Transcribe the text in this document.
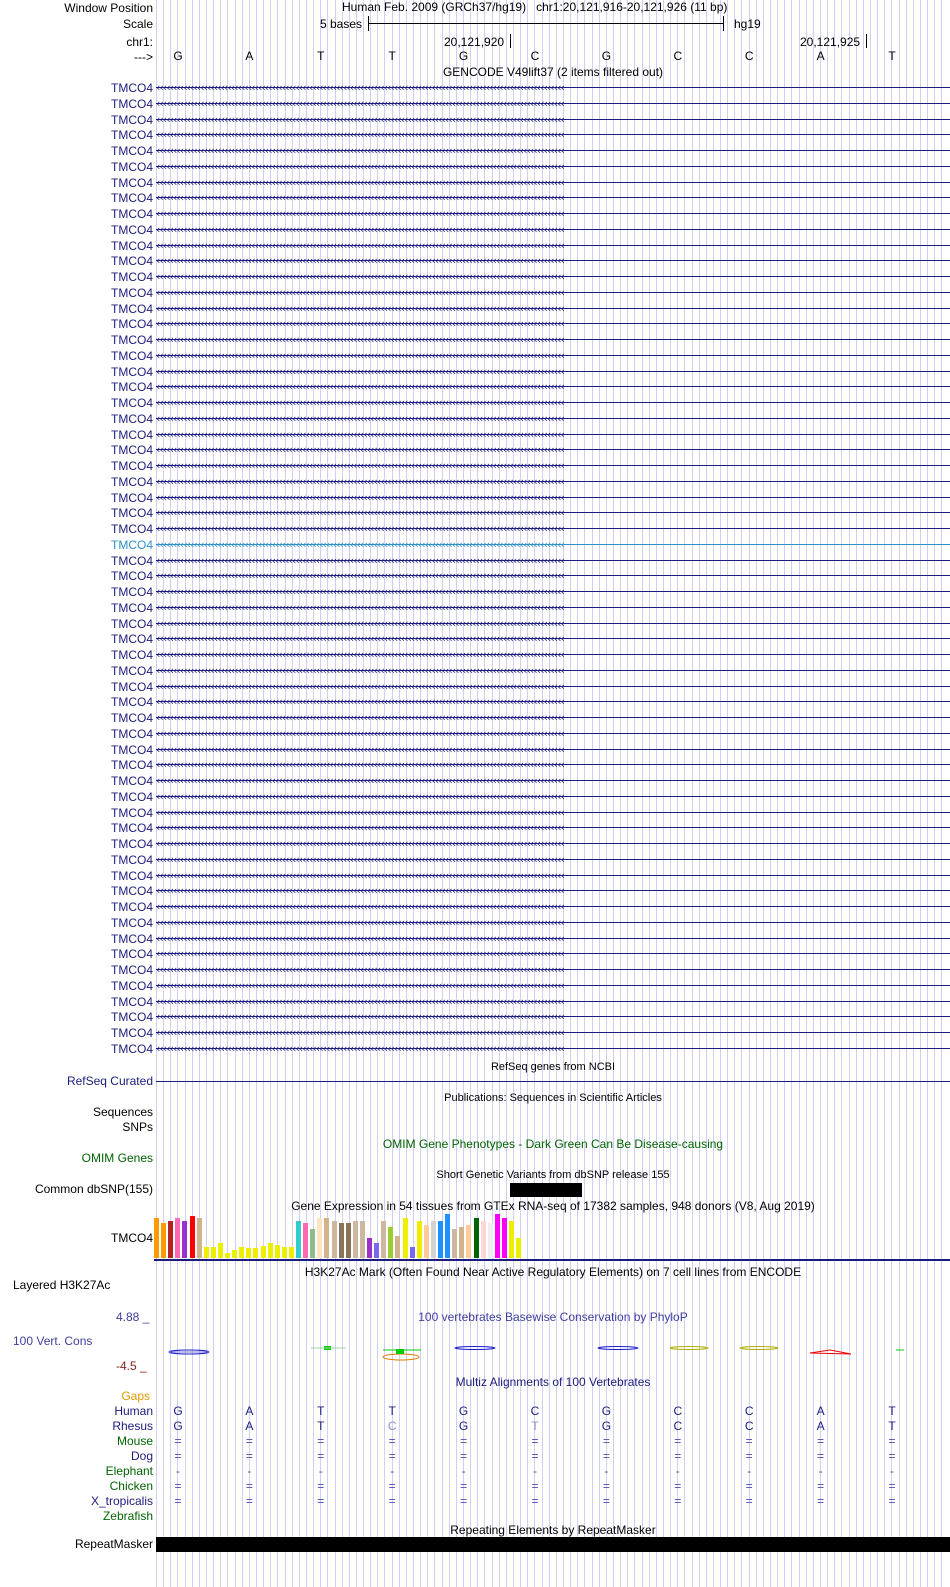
Window Position
Scale
chr1:
--->
Human Feb. 2009 (GRCh37/hg19) chr1:20,121,916-20,121,926 (11 bp)
5 bases	hg19
20,121,920	20,121,925
G	A	T	T	G	C	G	C	C	A	T
GENCODE V49lift37 (2 items filtered out)
TMCO4 ‹‹‹‹‹‹‹‹‹‹‹‹‹‹‹‹‹‹‹‹‹‹‹‹‹‹‹‹‹‹‹‹‹‹‹‹‹‹‹‹‹‹‹‹‹‹‹‹‹‹‹‹‹‹‹‹‹‹‹‹‹‹‹‹‹‹‹‹‹‹‹‹‹‹‹‹‹‹‹‹‹‹‹‹‹‹‹‹‹‹‹‹‹‹‹‹‹‹‹‹‹‹‹‹‹‹‹‹‹‹‹‹‹‹‹‹‹‹‹‹
TMCO4 ‹‹‹‹‹‹‹‹‹‹‹‹‹‹‹‹‹‹‹‹‹‹‹‹‹‹‹‹‹‹‹‹‹‹‹‹‹‹‹‹‹‹‹‹‹‹‹‹‹‹‹‹‹‹‹‹‹‹‹‹‹‹‹‹‹‹‹‹‹‹‹‹‹‹‹‹‹‹‹‹‹‹‹‹‹‹‹‹‹‹‹‹‹‹‹‹‹‹‹‹‹‹‹‹‹‹‹‹‹‹‹‹‹‹‹‹‹‹‹‹
TMCO4 ‹‹‹‹‹‹‹‹‹‹‹‹‹‹‹‹‹‹‹‹‹‹‹‹‹‹‹‹‹‹‹‹‹‹‹‹‹‹‹‹‹‹‹‹‹‹‹‹‹‹‹‹‹‹‹‹‹‹‹‹‹‹‹‹‹‹‹‹‹‹‹‹‹‹‹‹‹‹‹‹‹‹‹‹‹‹‹‹‹‹‹‹‹‹‹‹‹‹‹‹‹‹‹‹‹‹‹‹‹‹‹‹‹‹‹‹‹‹‹‹
TMCO4 ‹‹‹‹‹‹‹‹‹‹‹‹‹‹‹‹‹‹‹‹‹‹‹‹‹‹‹‹‹‹‹‹‹‹‹‹‹‹‹‹‹‹‹‹‹‹‹‹‹‹‹‹‹‹‹‹‹‹‹‹‹‹‹‹‹‹‹‹‹‹‹‹‹‹‹‹‹‹‹‹‹‹‹‹‹‹‹‹‹‹‹‹‹‹‹‹‹‹‹‹‹‹‹‹‹‹‹‹‹‹‹‹‹‹‹‹‹‹‹‹
TMCO4 ‹‹‹‹‹‹‹‹‹‹‹‹‹‹‹‹‹‹‹‹‹‹‹‹‹‹‹‹‹‹‹‹‹‹‹‹‹‹‹‹‹‹‹‹‹‹‹‹‹‹‹‹‹‹‹‹‹‹‹‹‹‹‹‹‹‹‹‹‹‹‹‹‹‹‹‹‹‹‹‹‹‹‹‹‹‹‹‹‹‹‹‹‹‹‹‹‹‹‹‹‹‹‹‹‹‹‹‹‹‹‹‹‹‹‹‹‹‹‹‹
TMCO4 ‹‹‹‹‹‹‹‹‹‹‹‹‹‹‹‹‹‹‹‹‹‹‹‹‹‹‹‹‹‹‹‹‹‹‹‹‹‹‹‹‹‹‹‹‹‹‹‹‹‹‹‹‹‹‹‹‹‹‹‹‹‹‹‹‹‹‹‹‹‹‹‹‹‹‹‹‹‹‹‹‹‹‹‹‹‹‹‹‹‹‹‹‹‹‹‹‹‹‹‹‹‹‹‹‹‹‹‹‹‹‹‹‹‹‹‹‹‹‹‹
TMCO4 ‹‹‹‹‹‹‹‹‹‹‹‹‹‹‹‹‹‹‹‹‹‹‹‹‹‹‹‹‹‹‹‹‹‹‹‹‹‹‹‹‹‹‹‹‹‹‹‹‹‹‹‹‹‹‹‹‹‹‹‹‹‹‹‹‹‹‹‹‹‹‹‹‹‹‹‹‹‹‹‹‹‹‹‹‹‹‹‹‹‹‹‹‹‹‹‹‹‹‹‹‹‹‹‹‹‹‹‹‹‹‹‹‹‹‹‹‹‹‹‹
TMCO4 ‹‹‹‹‹‹‹‹‹‹‹‹‹‹‹‹‹‹‹‹‹‹‹‹‹‹‹‹‹‹‹‹‹‹‹‹‹‹‹‹‹‹‹‹‹‹‹‹‹‹‹‹‹‹‹‹‹‹‹‹‹‹‹‹‹‹‹‹‹‹‹‹‹‹‹‹‹‹‹‹‹‹‹‹‹‹‹‹‹‹‹‹‹‹‹‹‹‹‹‹‹‹‹‹‹‹‹‹‹‹‹‹‹‹‹‹‹‹‹‹
TMCO4 ‹‹‹‹‹‹‹‹‹‹‹‹‹‹‹‹‹‹‹‹‹‹‹‹‹‹‹‹‹‹‹‹‹‹‹‹‹‹‹‹‹‹‹‹‹‹‹‹‹‹‹‹‹‹‹‹‹‹‹‹‹‹‹‹‹‹‹‹‹‹‹‹‹‹‹‹‹‹‹‹‹‹‹‹‹‹‹‹‹‹‹‹‹‹‹‹‹‹‹‹‹‹‹‹‹‹‹‹‹‹‹‹‹‹‹‹‹‹‹‹
TMCO4 ‹‹‹‹‹‹‹‹‹‹‹‹‹‹‹‹‹‹‹‹‹‹‹‹‹‹‹‹‹‹‹‹‹‹‹‹‹‹‹‹‹‹‹‹‹‹‹‹‹‹‹‹‹‹‹‹‹‹‹‹‹‹‹‹‹‹‹‹‹‹‹‹‹‹‹‹‹‹‹‹‹‹‹‹‹‹‹‹‹‹‹‹‹‹‹‹‹‹‹‹‹‹‹‹‹‹‹‹‹‹‹‹‹‹‹‹‹‹‹‹
TMCO4 ‹‹‹‹‹‹‹‹‹‹‹‹‹‹‹‹‹‹‹‹‹‹‹‹‹‹‹‹‹‹‹‹‹‹‹‹‹‹‹‹‹‹‹‹‹‹‹‹‹‹‹‹‹‹‹‹‹‹‹‹‹‹‹‹‹‹‹‹‹‹‹‹‹‹‹‹‹‹‹‹‹‹‹‹‹‹‹‹‹‹‹‹‹‹‹‹‹‹‹‹‹‹‹‹‹‹‹‹‹‹‹‹‹‹‹‹‹‹‹‹
TMCO4 ‹‹‹‹‹‹‹‹‹‹‹‹‹‹‹‹‹‹‹‹‹‹‹‹‹‹‹‹‹‹‹‹‹‹‹‹‹‹‹‹‹‹‹‹‹‹‹‹‹‹‹‹‹‹‹‹‹‹‹‹‹‹‹‹‹‹‹‹‹‹‹‹‹‹‹‹‹‹‹‹‹‹‹‹‹‹‹‹‹‹‹‹‹‹‹‹‹‹‹‹‹‹‹‹‹‹‹‹‹‹‹‹‹‹‹‹‹‹‹‹
TMCO4 ‹‹‹‹‹‹‹‹‹‹‹‹‹‹‹‹‹‹‹‹‹‹‹‹‹‹‹‹‹‹‹‹‹‹‹‹‹‹‹‹‹‹‹‹‹‹‹‹‹‹‹‹‹‹‹‹‹‹‹‹‹‹‹‹‹‹‹‹‹‹‹‹‹‹‹‹‹‹‹‹‹‹‹‹‹‹‹‹‹‹‹‹‹‹‹‹‹‹‹‹‹‹‹‹‹‹‹‹‹‹‹‹‹‹‹‹‹‹‹‹
TMCO4 ‹‹‹‹‹‹‹‹‹‹‹‹‹‹‹‹‹‹‹‹‹‹‹‹‹‹‹‹‹‹‹‹‹‹‹‹‹‹‹‹‹‹‹‹‹‹‹‹‹‹‹‹‹‹‹‹‹‹‹‹‹‹‹‹‹‹‹‹‹‹‹‹‹‹‹‹‹‹‹‹‹‹‹‹‹‹‹‹‹‹‹‹‹‹‹‹‹‹‹‹‹‹‹‹‹‹‹‹‹‹‹‹‹‹‹‹‹‹‹‹
TMCO4 ‹‹‹‹‹‹‹‹‹‹‹‹‹‹‹‹‹‹‹‹‹‹‹‹‹‹‹‹‹‹‹‹‹‹‹‹‹‹‹‹‹‹‹‹‹‹‹‹‹‹‹‹‹‹‹‹‹‹‹‹‹‹‹‹‹‹‹‹‹‹‹‹‹‹‹‹‹‹‹‹‹‹‹‹‹‹‹‹‹‹‹‹‹‹‹‹‹‹‹‹‹‹‹‹‹‹‹‹‹‹‹‹‹‹‹‹‹‹‹‹
TMCO4 ‹‹‹‹‹‹‹‹‹‹‹‹‹‹‹‹‹‹‹‹‹‹‹‹‹‹‹‹‹‹‹‹‹‹‹‹‹‹‹‹‹‹‹‹‹‹‹‹‹‹‹‹‹‹‹‹‹‹‹‹‹‹‹‹‹‹‹‹‹‹‹‹‹‹‹‹‹‹‹‹‹‹‹‹‹‹‹‹‹‹‹‹‹‹‹‹‹‹‹‹‹‹‹‹‹‹‹‹‹‹‹‹‹‹‹‹‹‹‹‹
TMCO4 ‹‹‹‹‹‹‹‹‹‹‹‹‹‹‹‹‹‹‹‹‹‹‹‹‹‹‹‹‹‹‹‹‹‹‹‹‹‹‹‹‹‹‹‹‹‹‹‹‹‹‹‹‹‹‹‹‹‹‹‹‹‹‹‹‹‹‹‹‹‹‹‹‹‹‹‹‹‹‹‹‹‹‹‹‹‹‹‹‹‹‹‹‹‹‹‹‹‹‹‹‹‹‹‹‹‹‹‹‹‹‹‹‹‹‹‹‹‹‹‹
TMCO4 ‹‹‹‹‹‹‹‹‹‹‹‹‹‹‹‹‹‹‹‹‹‹‹‹‹‹‹‹‹‹‹‹‹‹‹‹‹‹‹‹‹‹‹‹‹‹‹‹‹‹‹‹‹‹‹‹‹‹‹‹‹‹‹‹‹‹‹‹‹‹‹‹‹‹‹‹‹‹‹‹‹‹‹‹‹‹‹‹‹‹‹‹‹‹‹‹‹‹‹‹‹‹‹‹‹‹‹‹‹‹‹‹‹‹‹‹‹‹‹‹
TMCO4 ‹‹‹‹‹‹‹‹‹‹‹‹‹‹‹‹‹‹‹‹‹‹‹‹‹‹‹‹‹‹‹‹‹‹‹‹‹‹‹‹‹‹‹‹‹‹‹‹‹‹‹‹‹‹‹‹‹‹‹‹‹‹‹‹‹‹‹‹‹‹‹‹‹‹‹‹‹‹‹‹‹‹‹‹‹‹‹‹‹‹‹‹‹‹‹‹‹‹‹‹‹‹‹‹‹‹‹‹‹‹‹‹‹‹‹‹‹‹‹‹
TMCO4 ‹‹‹‹‹‹‹‹‹‹‹‹‹‹‹‹‹‹‹‹‹‹‹‹‹‹‹‹‹‹‹‹‹‹‹‹‹‹‹‹‹‹‹‹‹‹‹‹‹‹‹‹‹‹‹‹‹‹‹‹‹‹‹‹‹‹‹‹‹‹‹‹‹‹‹‹‹‹‹‹‹‹‹‹‹‹‹‹‹‹‹‹‹‹‹‹‹‹‹‹‹‹‹‹‹‹‹‹‹‹‹‹‹‹‹‹‹‹‹‹
TMCO4 ‹‹‹‹‹‹‹‹‹‹‹‹‹‹‹‹‹‹‹‹‹‹‹‹‹‹‹‹‹‹‹‹‹‹‹‹‹‹‹‹‹‹‹‹‹‹‹‹‹‹‹‹‹‹‹‹‹‹‹‹‹‹‹‹‹‹‹‹‹‹‹‹‹‹‹‹‹‹‹‹‹‹‹‹‹‹‹‹‹‹‹‹‹‹‹‹‹‹‹‹‹‹‹‹‹‹‹‹‹‹‹‹‹‹‹‹‹‹‹‹
TMCO4 ‹‹‹‹‹‹‹‹‹‹‹‹‹‹‹‹‹‹‹‹‹‹‹‹‹‹‹‹‹‹‹‹‹‹‹‹‹‹‹‹‹‹‹‹‹‹‹‹‹‹‹‹‹‹‹‹‹‹‹‹‹‹‹‹‹‹‹‹‹‹‹‹‹‹‹‹‹‹‹‹‹‹‹‹‹‹‹‹‹‹‹‹‹‹‹‹‹‹‹‹‹‹‹‹‹‹‹‹‹‹‹‹‹‹‹‹‹‹‹‹
TMCO4 ‹‹‹‹‹‹‹‹‹‹‹‹‹‹‹‹‹‹‹‹‹‹‹‹‹‹‹‹‹‹‹‹‹‹‹‹‹‹‹‹‹‹‹‹‹‹‹‹‹‹‹‹‹‹‹‹‹‹‹‹‹‹‹‹‹‹‹‹‹‹‹‹‹‹‹‹‹‹‹‹‹‹‹‹‹‹‹‹‹‹‹‹‹‹‹‹‹‹‹‹‹‹‹‹‹‹‹‹‹‹‹‹‹‹‹‹‹‹‹‹
TMCO4 ‹‹‹‹‹‹‹‹‹‹‹‹‹‹‹‹‹‹‹‹‹‹‹‹‹‹‹‹‹‹‹‹‹‹‹‹‹‹‹‹‹‹‹‹‹‹‹‹‹‹‹‹‹‹‹‹‹‹‹‹‹‹‹‹‹‹‹‹‹‹‹‹‹‹‹‹‹‹‹‹‹‹‹‹‹‹‹‹‹‹‹‹‹‹‹‹‹‹‹‹‹‹‹‹‹‹‹‹‹‹‹‹‹‹‹‹‹‹‹‹
TMCO4 ‹‹‹‹‹‹‹‹‹‹‹‹‹‹‹‹‹‹‹‹‹‹‹‹‹‹‹‹‹‹‹‹‹‹‹‹‹‹‹‹‹‹‹‹‹‹‹‹‹‹‹‹‹‹‹‹‹‹‹‹‹‹‹‹‹‹‹‹‹‹‹‹‹‹‹‹‹‹‹‹‹‹‹‹‹‹‹‹‹‹‹‹‹‹‹‹‹‹‹‹‹‹‹‹‹‹‹‹‹‹‹‹‹‹‹‹‹‹‹‹
TMCO4 ‹‹‹‹‹‹‹‹‹‹‹‹‹‹‹‹‹‹‹‹‹‹‹‹‹‹‹‹‹‹‹‹‹‹‹‹‹‹‹‹‹‹‹‹‹‹‹‹‹‹‹‹‹‹‹‹‹‹‹‹‹‹‹‹‹‹‹‹‹‹‹‹‹‹‹‹‹‹‹‹‹‹‹‹‹‹‹‹‹‹‹‹‹‹‹‹‹‹‹‹‹‹‹‹‹‹‹‹‹‹‹‹‹‹‹‹‹‹‹‹
TMCO4 ‹‹‹‹‹‹‹‹‹‹‹‹‹‹‹‹‹‹‹‹‹‹‹‹‹‹‹‹‹‹‹‹‹‹‹‹‹‹‹‹‹‹‹‹‹‹‹‹‹‹‹‹‹‹‹‹‹‹‹‹‹‹‹‹‹‹‹‹‹‹‹‹‹‹‹‹‹‹‹‹‹‹‹‹‹‹‹‹‹‹‹‹‹‹‹‹‹‹‹‹‹‹‹‹‹‹‹‹‹‹‹‹‹‹‹‹‹‹‹‹
TMCO4 ‹‹‹‹‹‹‹‹‹‹‹‹‹‹‹‹‹‹‹‹‹‹‹‹‹‹‹‹‹‹‹‹‹‹‹‹‹‹‹‹‹‹‹‹‹‹‹‹‹‹‹‹‹‹‹‹‹‹‹‹‹‹‹‹‹‹‹‹‹‹‹‹‹‹‹‹‹‹‹‹‹‹‹‹‹‹‹‹‹‹‹‹‹‹‹‹‹‹‹‹‹‹‹‹‹‹‹‹‹‹‹‹‹‹‹‹‹‹‹‹
TMCO4 ‹‹‹‹‹‹‹‹‹‹‹‹‹‹‹‹‹‹‹‹‹‹‹‹‹‹‹‹‹‹‹‹‹‹‹‹‹‹‹‹‹‹‹‹‹‹‹‹‹‹‹‹‹‹‹‹‹‹‹‹‹‹‹‹‹‹‹‹‹‹‹‹‹‹‹‹‹‹‹‹‹‹‹‹‹‹‹‹‹‹‹‹‹‹‹‹‹‹‹‹‹‹‹‹‹‹‹‹‹‹‹‹‹‹‹‹‹‹‹‹
TMCO4 ‹‹‹‹‹‹‹‹‹‹‹‹‹‹‹‹‹‹‹‹‹‹‹‹‹‹‹‹‹‹‹‹‹‹‹‹‹‹‹‹‹‹‹‹‹‹‹‹‹‹‹‹‹‹‹‹‹‹‹‹‹‹‹‹‹‹‹‹‹‹‹‹‹‹‹‹‹‹‹‹‹‹‹‹‹‹‹‹‹‹‹‹‹‹‹‹‹‹‹‹‹‹‹‹‹‹‹‹‹‹‹‹‹‹‹‹‹‹‹‹
TMCO4 ‹‹‹‹‹‹‹‹‹‹‹‹‹‹‹‹‹‹‹‹‹‹‹‹‹‹‹‹‹‹‹‹‹‹‹‹‹‹‹‹‹‹‹‹‹‹‹‹‹‹‹‹‹‹‹‹‹‹‹‹‹‹‹‹‹‹‹‹‹‹‹‹‹‹‹‹‹‹‹‹‹‹‹‹‹‹‹‹‹‹‹‹‹‹‹‹‹‹‹‹‹‹‹‹‹‹‹‹‹‹‹‹‹‹‹‹‹‹‹‹
TMCO4 ‹‹‹‹‹‹‹‹‹‹‹‹‹‹‹‹‹‹‹‹‹‹‹‹‹‹‹‹‹‹‹‹‹‹‹‹‹‹‹‹‹‹‹‹‹‹‹‹‹‹‹‹‹‹‹‹‹‹‹‹‹‹‹‹‹‹‹‹‹‹‹‹‹‹‹‹‹‹‹‹‹‹‹‹‹‹‹‹‹‹‹‹‹‹‹‹‹‹‹‹‹‹‹‹‹‹‹‹‹‹‹‹‹‹‹‹‹‹‹‹
TMCO4 ‹‹‹‹‹‹‹‹‹‹‹‹‹‹‹‹‹‹‹‹‹‹‹‹‹‹‹‹‹‹‹‹‹‹‹‹‹‹‹‹‹‹‹‹‹‹‹‹‹‹‹‹‹‹‹‹‹‹‹‹‹‹‹‹‹‹‹‹‹‹‹‹‹‹‹‹‹‹‹‹‹‹‹‹‹‹‹‹‹‹‹‹‹‹‹‹‹‹‹‹‹‹‹‹‹‹‹‹‹‹‹‹‹‹‹‹‹‹‹‹
TMCO4 ‹‹‹‹‹‹‹‹‹‹‹‹‹‹‹‹‹‹‹‹‹‹‹‹‹‹‹‹‹‹‹‹‹‹‹‹‹‹‹‹‹‹‹‹‹‹‹‹‹‹‹‹‹‹‹‹‹‹‹‹‹‹‹‹‹‹‹‹‹‹‹‹‹‹‹‹‹‹‹‹‹‹‹‹‹‹‹‹‹‹‹‹‹‹‹‹‹‹‹‹‹‹‹‹‹‹‹‹‹‹‹‹‹‹‹‹‹‹‹‹
TMCO4 ‹‹‹‹‹‹‹‹‹‹‹‹‹‹‹‹‹‹‹‹‹‹‹‹‹‹‹‹‹‹‹‹‹‹‹‹‹‹‹‹‹‹‹‹‹‹‹‹‹‹‹‹‹‹‹‹‹‹‹‹‹‹‹‹‹‹‹‹‹‹‹‹‹‹‹‹‹‹‹‹‹‹‹‹‹‹‹‹‹‹‹‹‹‹‹‹‹‹‹‹‹‹‹‹‹‹‹‹‹‹‹‹‹‹‹‹‹‹‹‹
TMCO4 ‹‹‹‹‹‹‹‹‹‹‹‹‹‹‹‹‹‹‹‹‹‹‹‹‹‹‹‹‹‹‹‹‹‹‹‹‹‹‹‹‹‹‹‹‹‹‹‹‹‹‹‹‹‹‹‹‹‹‹‹‹‹‹‹‹‹‹‹‹‹‹‹‹‹‹‹‹‹‹‹‹‹‹‹‹‹‹‹‹‹‹‹‹‹‹‹‹‹‹‹‹‹‹‹‹‹‹‹‹‹‹‹‹‹‹‹‹‹‹‹
TMCO4 ‹‹‹‹‹‹‹‹‹‹‹‹‹‹‹‹‹‹‹‹‹‹‹‹‹‹‹‹‹‹‹‹‹‹‹‹‹‹‹‹‹‹‹‹‹‹‹‹‹‹‹‹‹‹‹‹‹‹‹‹‹‹‹‹‹‹‹‹‹‹‹‹‹‹‹‹‹‹‹‹‹‹‹‹‹‹‹‹‹‹‹‹‹‹‹‹‹‹‹‹‹‹‹‹‹‹‹‹‹‹‹‹‹‹‹‹‹‹‹‹
TMCO4 ‹‹‹‹‹‹‹‹‹‹‹‹‹‹‹‹‹‹‹‹‹‹‹‹‹‹‹‹‹‹‹‹‹‹‹‹‹‹‹‹‹‹‹‹‹‹‹‹‹‹‹‹‹‹‹‹‹‹‹‹‹‹‹‹‹‹‹‹‹‹‹‹‹‹‹‹‹‹‹‹‹‹‹‹‹‹‹‹‹‹‹‹‹‹‹‹‹‹‹‹‹‹‹‹‹‹‹‹‹‹‹‹‹‹‹‹‹‹‹‹
TMCO4 ‹‹‹‹‹‹‹‹‹‹‹‹‹‹‹‹‹‹‹‹‹‹‹‹‹‹‹‹‹‹‹‹‹‹‹‹‹‹‹‹‹‹‹‹‹‹‹‹‹‹‹‹‹‹‹‹‹‹‹‹‹‹‹‹‹‹‹‹‹‹‹‹‹‹‹‹‹‹‹‹‹‹‹‹‹‹‹‹‹‹‹‹‹‹‹‹‹‹‹‹‹‹‹‹‹‹‹‹‹‹‹‹‹‹‹‹‹‹‹‹
TMCO4 ‹‹‹‹‹‹‹‹‹‹‹‹‹‹‹‹‹‹‹‹‹‹‹‹‹‹‹‹‹‹‹‹‹‹‹‹‹‹‹‹‹‹‹‹‹‹‹‹‹‹‹‹‹‹‹‹‹‹‹‹‹‹‹‹‹‹‹‹‹‹‹‹‹‹‹‹‹‹‹‹‹‹‹‹‹‹‹‹‹‹‹‹‹‹‹‹‹‹‹‹‹‹‹‹‹‹‹‹‹‹‹‹‹‹‹‹‹‹‹‹
TMCO4 ‹‹‹‹‹‹‹‹‹‹‹‹‹‹‹‹‹‹‹‹‹‹‹‹‹‹‹‹‹‹‹‹‹‹‹‹‹‹‹‹‹‹‹‹‹‹‹‹‹‹‹‹‹‹‹‹‹‹‹‹‹‹‹‹‹‹‹‹‹‹‹‹‹‹‹‹‹‹‹‹‹‹‹‹‹‹‹‹‹‹‹‹‹‹‹‹‹‹‹‹‹‹‹‹‹‹‹‹‹‹‹‹‹‹‹‹‹‹‹‹
TMCO4 ‹‹‹‹‹‹‹‹‹‹‹‹‹‹‹‹‹‹‹‹‹‹‹‹‹‹‹‹‹‹‹‹‹‹‹‹‹‹‹‹‹‹‹‹‹‹‹‹‹‹‹‹‹‹‹‹‹‹‹‹‹‹‹‹‹‹‹‹‹‹‹‹‹‹‹‹‹‹‹‹‹‹‹‹‹‹‹‹‹‹‹‹‹‹‹‹‹‹‹‹‹‹‹‹‹‹‹‹‹‹‹‹‹‹‹‹‹‹‹‹
TMCO4 ‹‹‹‹‹‹‹‹‹‹‹‹‹‹‹‹‹‹‹‹‹‹‹‹‹‹‹‹‹‹‹‹‹‹‹‹‹‹‹‹‹‹‹‹‹‹‹‹‹‹‹‹‹‹‹‹‹‹‹‹‹‹‹‹‹‹‹‹‹‹‹‹‹‹‹‹‹‹‹‹‹‹‹‹‹‹‹‹‹‹‹‹‹‹‹‹‹‹‹‹‹‹‹‹‹‹‹‹‹‹‹‹‹‹‹‹‹‹‹‹
TMCO4 ‹‹‹‹‹‹‹‹‹‹‹‹‹‹‹‹‹‹‹‹‹‹‹‹‹‹‹‹‹‹‹‹‹‹‹‹‹‹‹‹‹‹‹‹‹‹‹‹‹‹‹‹‹‹‹‹‹‹‹‹‹‹‹‹‹‹‹‹‹‹‹‹‹‹‹‹‹‹‹‹‹‹‹‹‹‹‹‹‹‹‹‹‹‹‹‹‹‹‹‹‹‹‹‹‹‹‹‹‹‹‹‹‹‹‹‹‹‹‹‹
TMCO4 ‹‹‹‹‹‹‹‹‹‹‹‹‹‹‹‹‹‹‹‹‹‹‹‹‹‹‹‹‹‹‹‹‹‹‹‹‹‹‹‹‹‹‹‹‹‹‹‹‹‹‹‹‹‹‹‹‹‹‹‹‹‹‹‹‹‹‹‹‹‹‹‹‹‹‹‹‹‹‹‹‹‹‹‹‹‹‹‹‹‹‹‹‹‹‹‹‹‹‹‹‹‹‹‹‹‹‹‹‹‹‹‹‹‹‹‹‹‹‹‹
TMCO4 ‹‹‹‹‹‹‹‹‹‹‹‹‹‹‹‹‹‹‹‹‹‹‹‹‹‹‹‹‹‹‹‹‹‹‹‹‹‹‹‹‹‹‹‹‹‹‹‹‹‹‹‹‹‹‹‹‹‹‹‹‹‹‹‹‹‹‹‹‹‹‹‹‹‹‹‹‹‹‹‹‹‹‹‹‹‹‹‹‹‹‹‹‹‹‹‹‹‹‹‹‹‹‹‹‹‹‹‹‹‹‹‹‹‹‹‹‹‹‹‹
TMCO4 ‹‹‹‹‹‹‹‹‹‹‹‹‹‹‹‹‹‹‹‹‹‹‹‹‹‹‹‹‹‹‹‹‹‹‹‹‹‹‹‹‹‹‹‹‹‹‹‹‹‹‹‹‹‹‹‹‹‹‹‹‹‹‹‹‹‹‹‹‹‹‹‹‹‹‹‹‹‹‹‹‹‹‹‹‹‹‹‹‹‹‹‹‹‹‹‹‹‹‹‹‹‹‹‹‹‹‹‹‹‹‹‹‹‹‹‹‹‹‹‹
TMCO4 ‹‹‹‹‹‹‹‹‹‹‹‹‹‹‹‹‹‹‹‹‹‹‹‹‹‹‹‹‹‹‹‹‹‹‹‹‹‹‹‹‹‹‹‹‹‹‹‹‹‹‹‹‹‹‹‹‹‹‹‹‹‹‹‹‹‹‹‹‹‹‹‹‹‹‹‹‹‹‹‹‹‹‹‹‹‹‹‹‹‹‹‹‹‹‹‹‹‹‹‹‹‹‹‹‹‹‹‹‹‹‹‹‹‹‹‹‹‹‹‹
TMCO4 ‹‹‹‹‹‹‹‹‹‹‹‹‹‹‹‹‹‹‹‹‹‹‹‹‹‹‹‹‹‹‹‹‹‹‹‹‹‹‹‹‹‹‹‹‹‹‹‹‹‹‹‹‹‹‹‹‹‹‹‹‹‹‹‹‹‹‹‹‹‹‹‹‹‹‹‹‹‹‹‹‹‹‹‹‹‹‹‹‹‹‹‹‹‹‹‹‹‹‹‹‹‹‹‹‹‹‹‹‹‹‹‹‹‹‹‹‹‹‹‹
TMCO4 ‹‹‹‹‹‹‹‹‹‹‹‹‹‹‹‹‹‹‹‹‹‹‹‹‹‹‹‹‹‹‹‹‹‹‹‹‹‹‹‹‹‹‹‹‹‹‹‹‹‹‹‹‹‹‹‹‹‹‹‹‹‹‹‹‹‹‹‹‹‹‹‹‹‹‹‹‹‹‹‹‹‹‹‹‹‹‹‹‹‹‹‹‹‹‹‹‹‹‹‹‹‹‹‹‹‹‹‹‹‹‹‹‹‹‹‹‹‹‹‹
TMCO4 ‹‹‹‹‹‹‹‹‹‹‹‹‹‹‹‹‹‹‹‹‹‹‹‹‹‹‹‹‹‹‹‹‹‹‹‹‹‹‹‹‹‹‹‹‹‹‹‹‹‹‹‹‹‹‹‹‹‹‹‹‹‹‹‹‹‹‹‹‹‹‹‹‹‹‹‹‹‹‹‹‹‹‹‹‹‹‹‹‹‹‹‹‹‹‹‹‹‹‹‹‹‹‹‹‹‹‹‹‹‹‹‹‹‹‹‹‹‹‹‹
TMCO4 ‹‹‹‹‹‹‹‹‹‹‹‹‹‹‹‹‹‹‹‹‹‹‹‹‹‹‹‹‹‹‹‹‹‹‹‹‹‹‹‹‹‹‹‹‹‹‹‹‹‹‹‹‹‹‹‹‹‹‹‹‹‹‹‹‹‹‹‹‹‹‹‹‹‹‹‹‹‹‹‹‹‹‹‹‹‹‹‹‹‹‹‹‹‹‹‹‹‹‹‹‹‹‹‹‹‹‹‹‹‹‹‹‹‹‹‹‹‹‹‹
TMCO4 ‹‹‹‹‹‹‹‹‹‹‹‹‹‹‹‹‹‹‹‹‹‹‹‹‹‹‹‹‹‹‹‹‹‹‹‹‹‹‹‹‹‹‹‹‹‹‹‹‹‹‹‹‹‹‹‹‹‹‹‹‹‹‹‹‹‹‹‹‹‹‹‹‹‹‹‹‹‹‹‹‹‹‹‹‹‹‹‹‹‹‹‹‹‹‹‹‹‹‹‹‹‹‹‹‹‹‹‹‹‹‹‹‹‹‹‹‹‹‹‹
TMCO4 ‹‹‹‹‹‹‹‹‹‹‹‹‹‹‹‹‹‹‹‹‹‹‹‹‹‹‹‹‹‹‹‹‹‹‹‹‹‹‹‹‹‹‹‹‹‹‹‹‹‹‹‹‹‹‹‹‹‹‹‹‹‹‹‹‹‹‹‹‹‹‹‹‹‹‹‹‹‹‹‹‹‹‹‹‹‹‹‹‹‹‹‹‹‹‹‹‹‹‹‹‹‹‹‹‹‹‹‹‹‹‹‹‹‹‹‹‹‹‹‹
TMCO4 ‹‹‹‹‹‹‹‹‹‹‹‹‹‹‹‹‹‹‹‹‹‹‹‹‹‹‹‹‹‹‹‹‹‹‹‹‹‹‹‹‹‹‹‹‹‹‹‹‹‹‹‹‹‹‹‹‹‹‹‹‹‹‹‹‹‹‹‹‹‹‹‹‹‹‹‹‹‹‹‹‹‹‹‹‹‹‹‹‹‹‹‹‹‹‹‹‹‹‹‹‹‹‹‹‹‹‹‹‹‹‹‹‹‹‹‹‹‹‹‹
TMCO4 ‹‹‹‹‹‹‹‹‹‹‹‹‹‹‹‹‹‹‹‹‹‹‹‹‹‹‹‹‹‹‹‹‹‹‹‹‹‹‹‹‹‹‹‹‹‹‹‹‹‹‹‹‹‹‹‹‹‹‹‹‹‹‹‹‹‹‹‹‹‹‹‹‹‹‹‹‹‹‹‹‹‹‹‹‹‹‹‹‹‹‹‹‹‹‹‹‹‹‹‹‹‹‹‹‹‹‹‹‹‹‹‹‹‹‹‹‹‹‹‹
TMCO4 ‹‹‹‹‹‹‹‹‹‹‹‹‹‹‹‹‹‹‹‹‹‹‹‹‹‹‹‹‹‹‹‹‹‹‹‹‹‹‹‹‹‹‹‹‹‹‹‹‹‹‹‹‹‹‹‹‹‹‹‹‹‹‹‹‹‹‹‹‹‹‹‹‹‹‹‹‹‹‹‹‹‹‹‹‹‹‹‹‹‹‹‹‹‹‹‹‹‹‹‹‹‹‹‹‹‹‹‹‹‹‹‹‹‹‹‹‹‹‹‹
TMCO4 ‹‹‹‹‹‹‹‹‹‹‹‹‹‹‹‹‹‹‹‹‹‹‹‹‹‹‹‹‹‹‹‹‹‹‹‹‹‹‹‹‹‹‹‹‹‹‹‹‹‹‹‹‹‹‹‹‹‹‹‹‹‹‹‹‹‹‹‹‹‹‹‹‹‹‹‹‹‹‹‹‹‹‹‹‹‹‹‹‹‹‹‹‹‹‹‹‹‹‹‹‹‹‹‹‹‹‹‹‹‹‹‹‹‹‹‹‹‹‹‹
TMCO4 ‹‹‹‹‹‹‹‹‹‹‹‹‹‹‹‹‹‹‹‹‹‹‹‹‹‹‹‹‹‹‹‹‹‹‹‹‹‹‹‹‹‹‹‹‹‹‹‹‹‹‹‹‹‹‹‹‹‹‹‹‹‹‹‹‹‹‹‹‹‹‹‹‹‹‹‹‹‹‹‹‹‹‹‹‹‹‹‹‹‹‹‹‹‹‹‹‹‹‹‹‹‹‹‹‹‹‹‹‹‹‹‹‹‹‹‹‹‹‹‹
TMCO4 ‹‹‹‹‹‹‹‹‹‹‹‹‹‹‹‹‹‹‹‹‹‹‹‹‹‹‹‹‹‹‹‹‹‹‹‹‹‹‹‹‹‹‹‹‹‹‹‹‹‹‹‹‹‹‹‹‹‹‹‹‹‹‹‹‹‹‹‹‹‹‹‹‹‹‹‹‹‹‹‹‹‹‹‹‹‹‹‹‹‹‹‹‹‹‹‹‹‹‹‹‹‹‹‹‹‹‹‹‹‹‹‹‹‹‹‹‹‹‹‹
TMCO4 ‹‹‹‹‹‹‹‹‹‹‹‹‹‹‹‹‹‹‹‹‹‹‹‹‹‹‹‹‹‹‹‹‹‹‹‹‹‹‹‹‹‹‹‹‹‹‹‹‹‹‹‹‹‹‹‹‹‹‹‹‹‹‹‹‹‹‹‹‹‹‹‹‹‹‹‹‹‹‹‹‹‹‹‹‹‹‹‹‹‹‹‹‹‹‹‹‹‹‹‹‹‹‹‹‹‹‹‹‹‹‹‹‹‹‹‹‹‹‹‹
TMCO4 ‹‹‹‹‹‹‹‹‹‹‹‹‹‹‹‹‹‹‹‹‹‹‹‹‹‹‹‹‹‹‹‹‹‹‹‹‹‹‹‹‹‹‹‹‹‹‹‹‹‹‹‹‹‹‹‹‹‹‹‹‹‹‹‹‹‹‹‹‹‹‹‹‹‹‹‹‹‹‹‹‹‹‹‹‹‹‹‹‹‹‹‹‹‹‹‹‹‹‹‹‹‹‹‹‹‹‹‹‹‹‹‹‹‹‹‹‹‹‹‹
RefSeq genes from NCBI
RefSeq Curated
Publications: Sequences in Scientific Articles
Sequences
SNPs
OMIM Gene Phenotypes - Dark Green Can Be Disease-causing
OMIM Genes
Short Genetic Variants from dbSNP release 155
Common dbSNP(155)
Gene Expression in 54 tissues from GTEx RNA-seq of 17382 samples, 948 donors (V8, Aug 2019)
TMCO4
H3K27Ac Mark (Often Found Near Active Regulatory Elements) on 7 cell lines from ENCODE
Layered H3K27Ac
4.88 _	100 vertebrates Basewise Conservation by PhyloP
100 Vert. Cons
-4.5 _
Multiz Alignments of 100 Vertebrates
Gaps
Human	G	A	T	T	G	C	G	C	C	A	T
Rhesus	G	A	T	C	G	T	G	C	C	A	T
Mouse	=	=	=	=	=	=	=	=	=	=	=
Dog	=	=	=	=	=	=	=	=	=	=	=
Elephant	-	-	-	-	-	-	-	-	-	-	-
Chicken	=	=	=	=	=	=	=	=	=	=	=
X_tropicalis	=	=	=	=	=	=	=	=	=	=	=
Zebrafish
Repeating Elements by RepeatMasker
RepeatMasker
